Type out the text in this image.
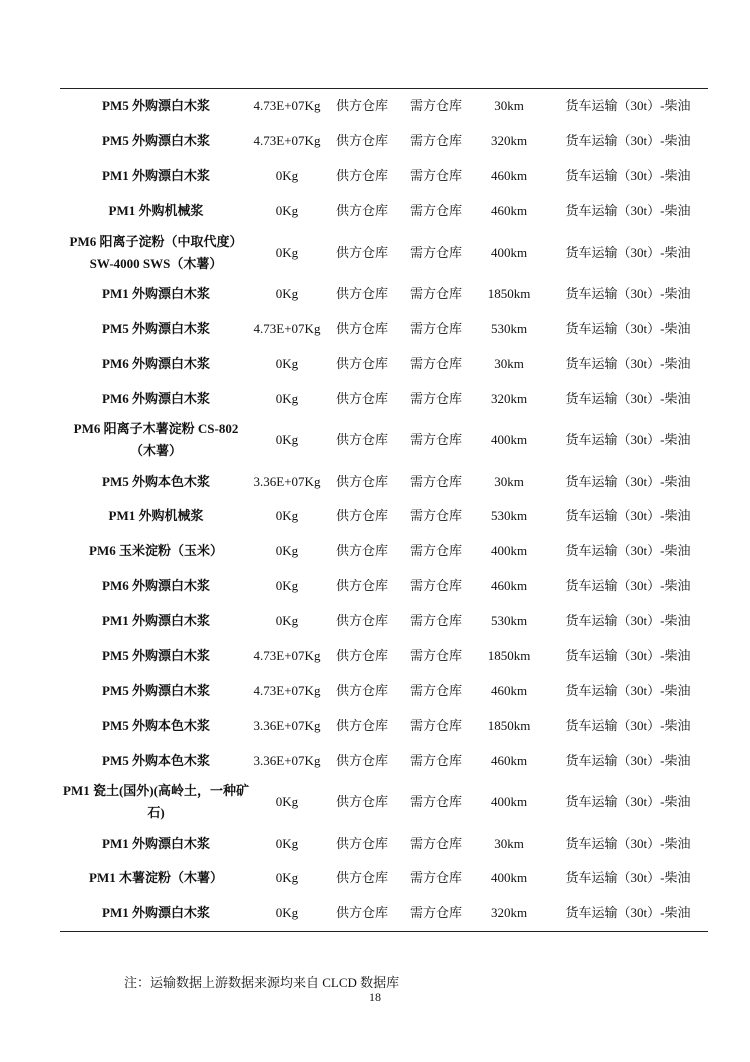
PM5 外购漂白木浆	4.73E+07Kg	供方仓库	需方仓库	30km	货车运输（30t）-柴油
PM5 外购漂白木浆	4.73E+07Kg	供方仓库	需方仓库	320km	货车运输（30t）-柴油
PM1 外购漂白木浆	0Kg	供方仓库	需方仓库	460km	货车运输（30t）-柴油
PM1 外购机械浆	0Kg	供方仓库	需方仓库	460km	货车运输（30t）-柴油
PM6 阳离子淀粉（中取代度）SW-4000 SWS（木薯）	0Kg	供方仓库	需方仓库	400km	货车运输（30t）-柴油
PM1 外购漂白木浆	0Kg	供方仓库	需方仓库	1850km	货车运输（30t）-柴油
PM5 外购漂白木浆	4.73E+07Kg	供方仓库	需方仓库	530km	货车运输（30t）-柴油
PM6 外购漂白木浆	0Kg	供方仓库	需方仓库	30km	货车运输（30t）-柴油
PM6 外购漂白木浆	0Kg	供方仓库	需方仓库	320km	货车运输（30t）-柴油
PM6 阳离子木薯淀粉 CS-802（木薯）	0Kg	供方仓库	需方仓库	400km	货车运输（30t）-柴油
PM5 外购本色木浆	3.36E+07Kg	供方仓库	需方仓库	30km	货车运输（30t）-柴油
PM1 外购机械浆	0Kg	供方仓库	需方仓库	530km	货车运输（30t）-柴油
PM6 玉米淀粉（玉米）	0Kg	供方仓库	需方仓库	400km	货车运输（30t）-柴油
PM6 外购漂白木浆	0Kg	供方仓库	需方仓库	460km	货车运输（30t）-柴油
PM1 外购漂白木浆	0Kg	供方仓库	需方仓库	530km	货车运输（30t）-柴油
PM5 外购漂白木浆	4.73E+07Kg	供方仓库	需方仓库	1850km	货车运输（30t）-柴油
PM5 外购漂白木浆	4.73E+07Kg	供方仓库	需方仓库	460km	货车运输（30t）-柴油
PM5 外购本色木浆	3.36E+07Kg	供方仓库	需方仓库	1850km	货车运输（30t）-柴油
PM5 外购本色木浆	3.36E+07Kg	供方仓库	需方仓库	460km	货车运输（30t）-柴油
PM1 瓷土(国外)(高岭土，一种矿石)	0Kg	供方仓库	需方仓库	400km	货车运输（30t）-柴油
PM1 外购漂白木浆	0Kg	供方仓库	需方仓库	30km	货车运输（30t）-柴油
PM1 木薯淀粉（木薯）	0Kg	供方仓库	需方仓库	400km	货车运输（30t）-柴油
PM1 外购漂白木浆	0Kg	供方仓库	需方仓库	320km	货车运输（30t）-柴油
注：运输数据上游数据来源均来自 CLCD 数据库
18
